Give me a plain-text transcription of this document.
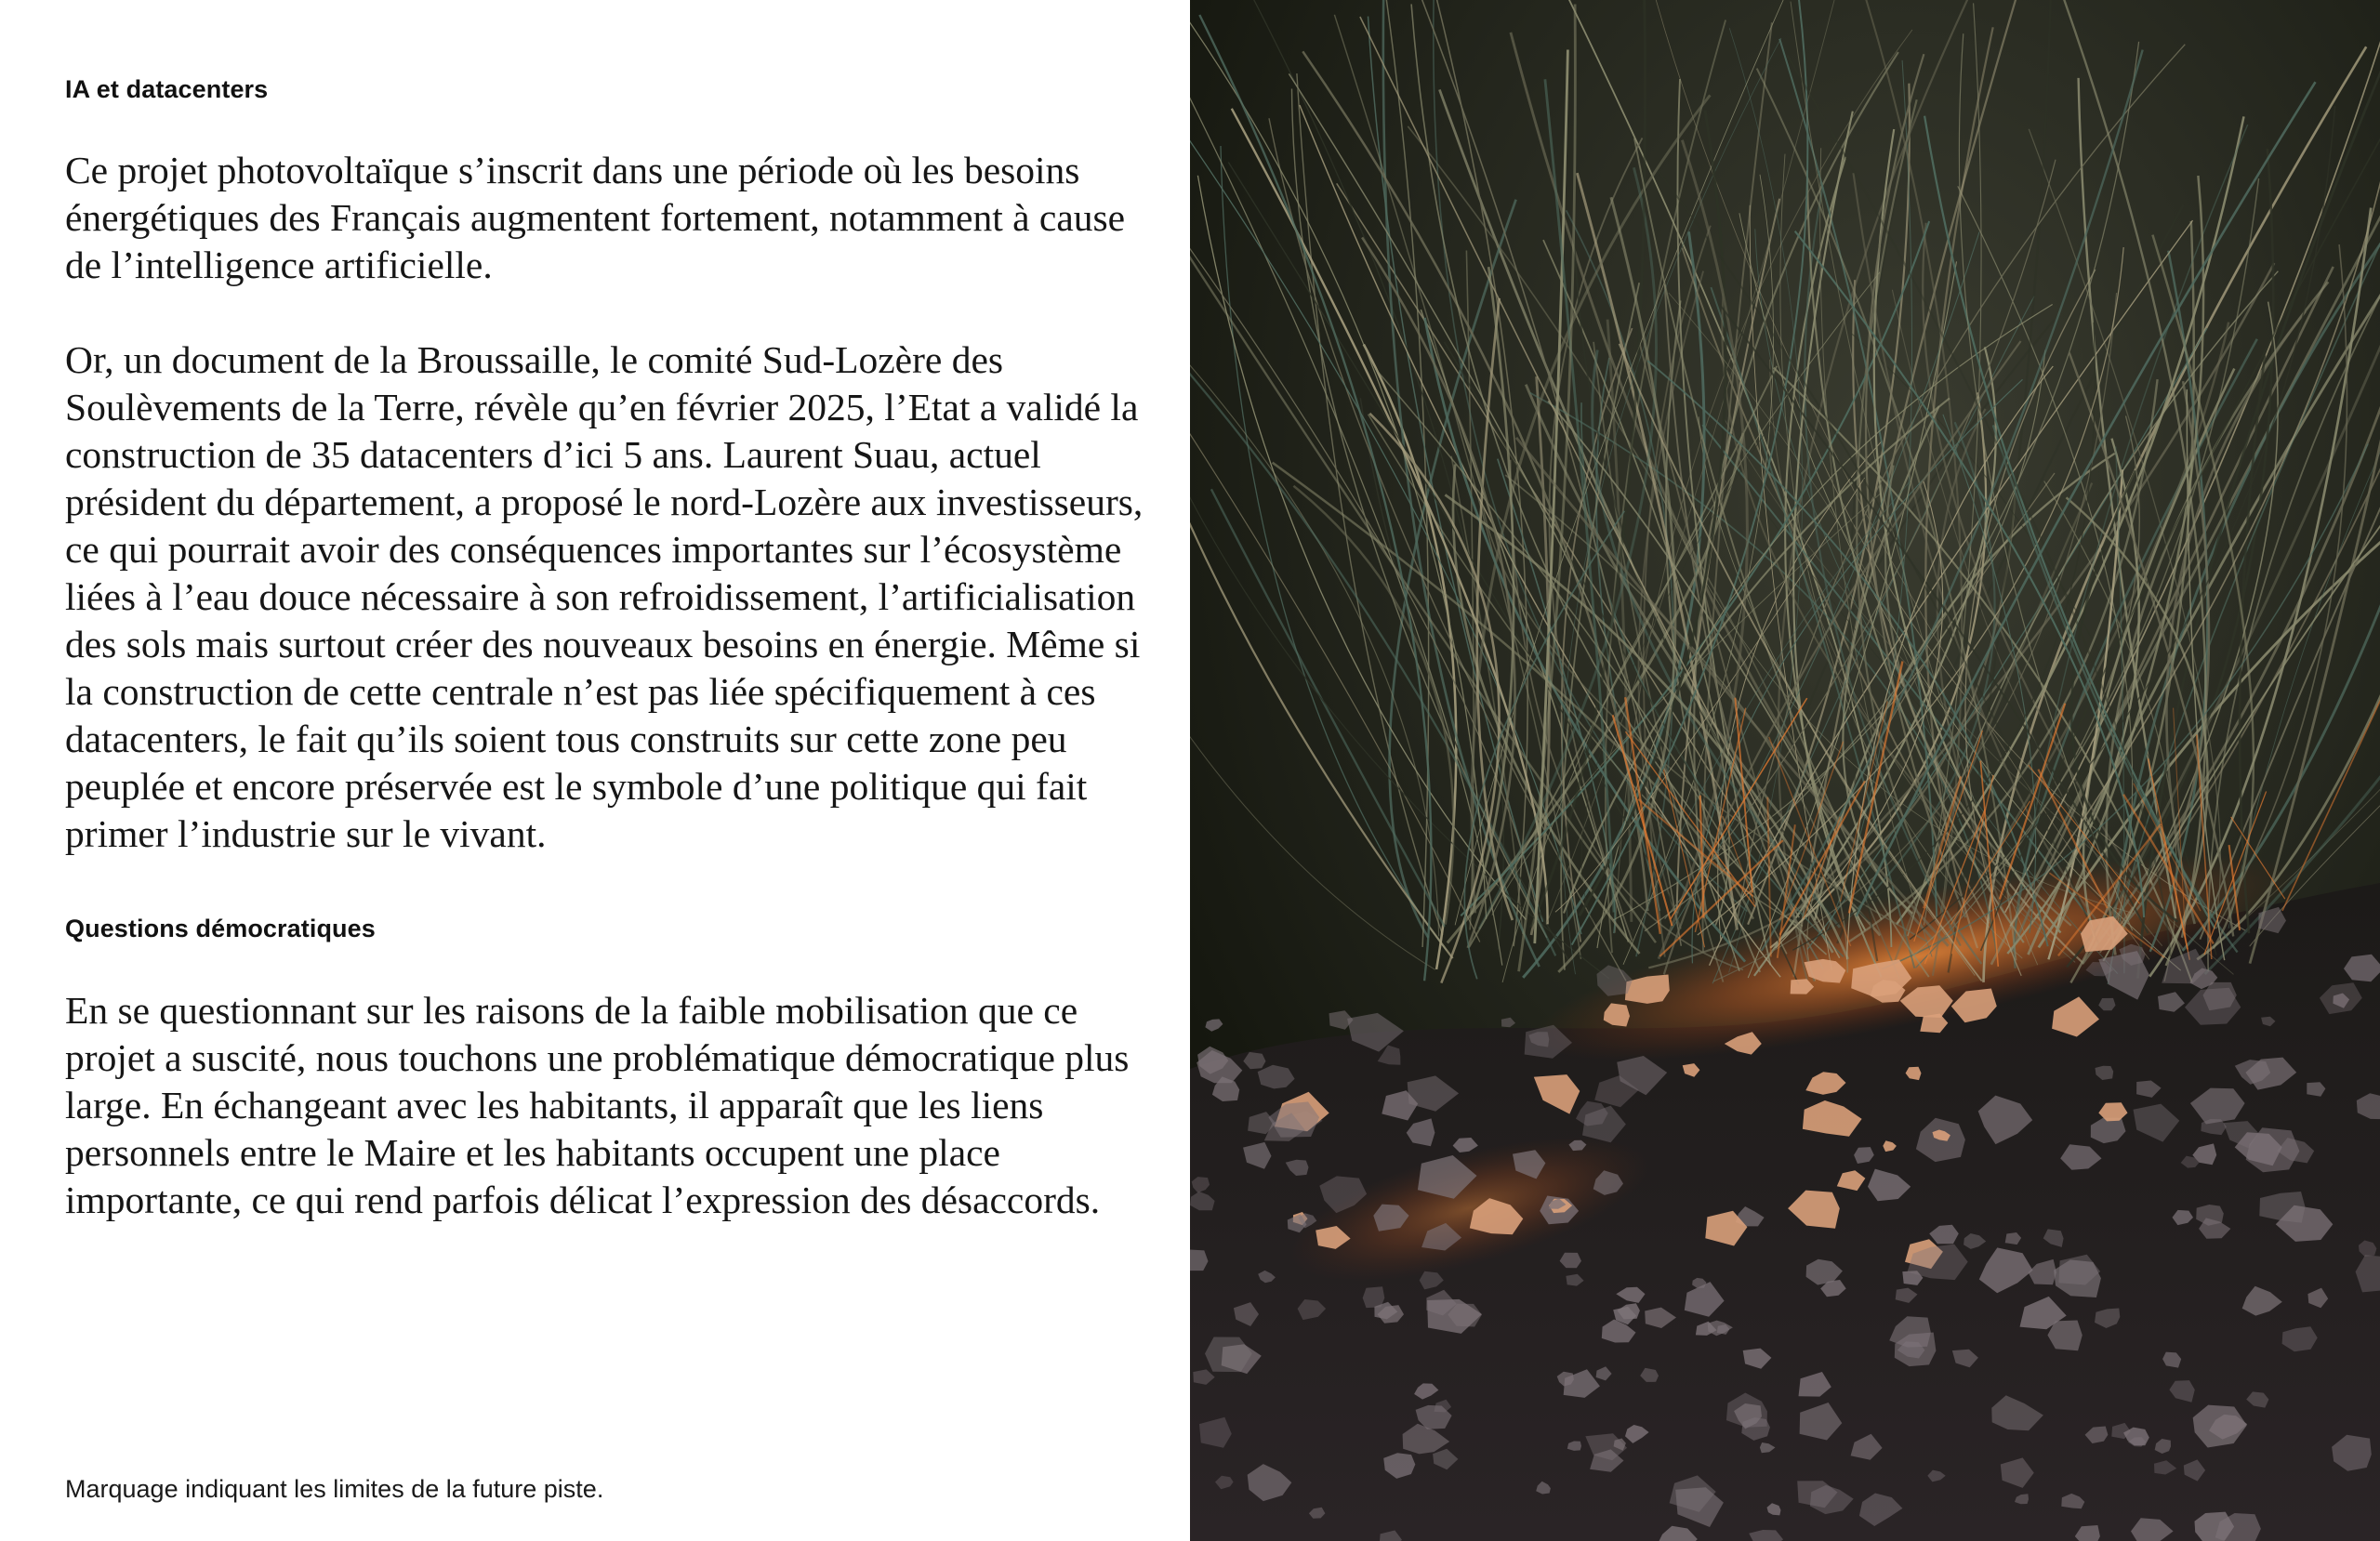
IA et datacenters

Ce projet photovoltaïque s’inscrit dans une période où les besoins énergétiques des Français augmentent fortement, notamment à cause de l’intelligence artificielle.

Or, un document de la Broussaille, le comité Sud-Lozère des Soulèvements de la Terre, révèle qu’en février 2025, l’Etat a validé la construction de 35 datacenters d’ici 5 ans. Laurent Suau, actuel président du département, a proposé le nord-Lozère aux investisseurs, ce qui pourrait avoir des conséquences importantes sur l’écosystème liées à l’eau douce nécessaire à son refroidissement, l’artificialisation des sols mais surtout créer des nouveaux besoins en énergie. Même si la construction de cette centrale n’est pas liée spécifiquement à ces datacenters, le fait qu’ils soient tous construits sur cette zone peu peuplée et encore préservée est le symbole d’une politique qui fait primer l’industrie sur le vivant.

Questions démocratiques

En se questionnant sur les raisons de la faible mobilisation que ce projet a suscité, nous touchons une problématique démocratique plus large. En échangeant avec les habitants, il apparaît que les liens personnels entre le Maire et les habitants occupent une place importante, ce qui rend parfois délicat l’expression des désaccords.

Marquage indiquant les limites de la future piste.
